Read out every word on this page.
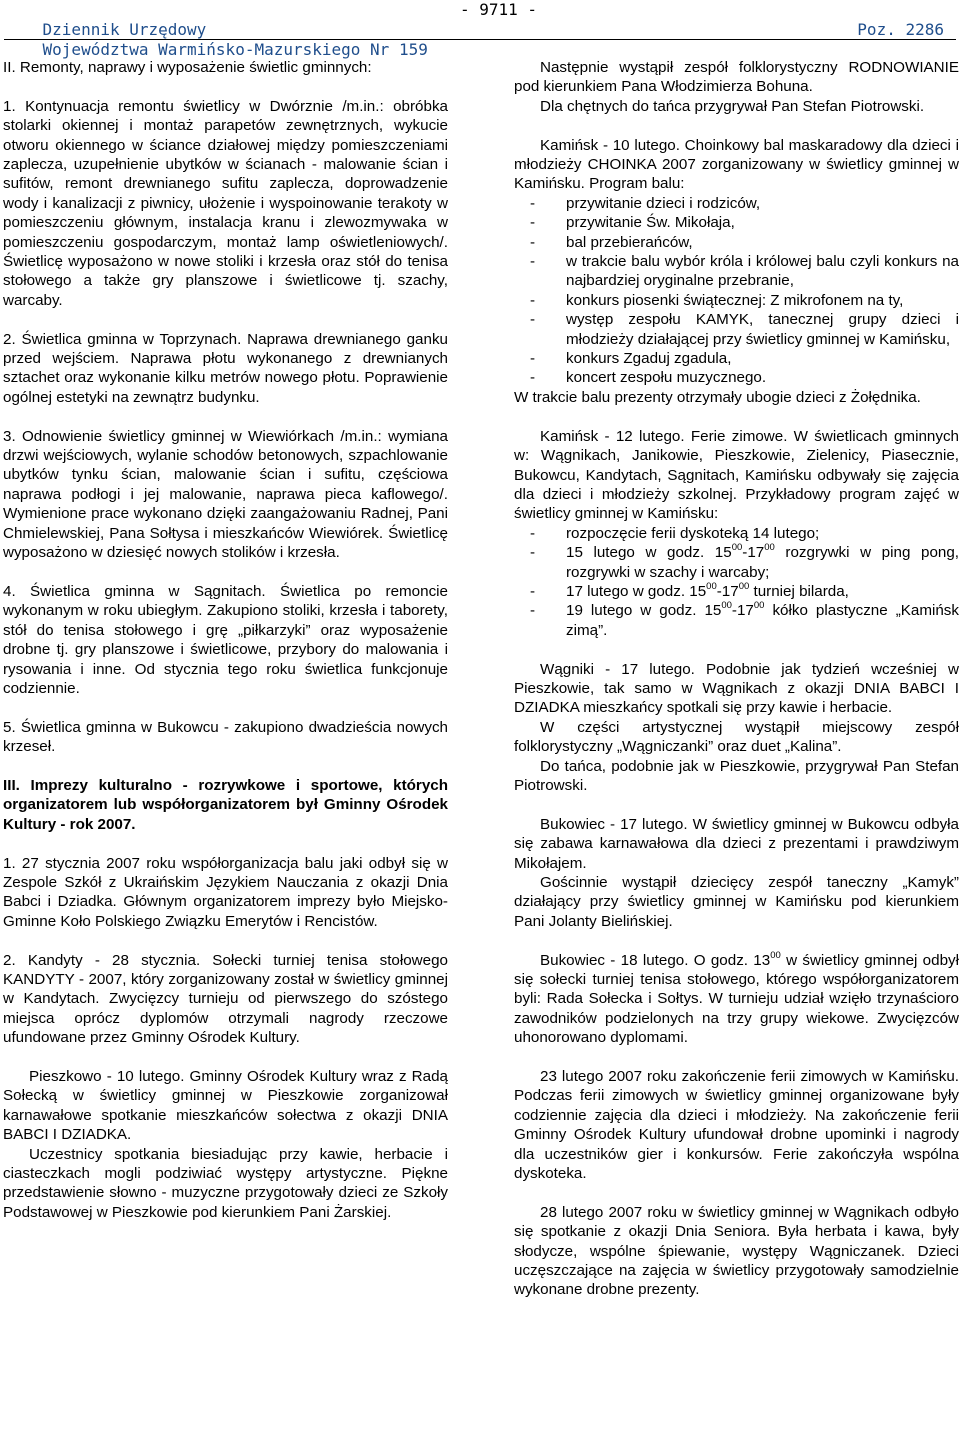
Dziennik Urzędowy

- 9711 -

Województwa Warmińsko-Mazurskiego Nr 159

Poz. 2286

II. Remonty, naprawy i wyposażenie świetlic gminnych:

1. Kontynuacja remontu świetlicy w Dwórznie /m.in.: obróbka stolarki okiennej i montaż parapetów zewnętrznych, wykucie otworu okiennego w ściance działowej między pomieszczeniami zaplecza, uzupełnienie ubytków w ścianach - malowanie ścian i sufitów, remont drewnianego sufitu zaplecza, doprowadzenie wody i kanalizacji z piwnicy, ułożenie i wyspoinowanie terakoty w pomieszczeniu głównym, instalacja kranu i zlewozmywaka w pomieszczeniu gospodarczym, montaż lamp oświetleniowych/. Świetlicę wyposażono w nowe stoliki i krzesła oraz stół do tenisa stołowego a także gry planszowe i świetlicowe tj. szachy, warcaby.

2. Świetlica gminna w Toprzynach. Naprawa drewnianego ganku przed wejściem. Naprawa płotu wykonanego z drewnianych sztachet oraz wykonanie kilku metrów nowego płotu. Poprawienie ogólnej estetyki na zewnątrz budynku.

3. Odnowienie świetlicy gminnej w Wiewiórkach /m.in.: wymiana drzwi wejściowych, wylanie schodów betonowych, szpachlowanie ubytków tynku ścian, malowanie ścian i sufitu, częściowa naprawa podłogi i jej malowanie, naprawa pieca kaflowego/. Wymienione prace wykonano dzięki zaangażowaniu Radnej, Pani Chmielewskiej, Pana Sołtysa i mieszkańców Wiewiórek. Świetlicę wyposażono w dziesięć nowych stolików i krzesła.

4. Świetlica gminna w Sągnitach. Świetlica po remoncie wykonanym w roku ubiegłym. Zakupiono stoliki, krzesła i taborety, stół do tenisa stołowego i grę „piłkarzyki” oraz wyposażenie drobne tj. gry planszowe i świetlicowe, przybory do malowania i rysowania i inne. Od stycznia tego roku świetlica funkcjonuje codziennie.

5. Świetlica gminna w Bukowcu - zakupiono dwadzieścia nowych krzeseł.

III. Imprezy kulturalno - rozrywkowe i sportowe, których organizatorem lub współorganizatorem był Gminny Ośrodek Kultury - rok 2007.

1. 27 stycznia 2007 roku współorganizacja balu jaki odbył się w Zespole Szkół z Ukraińskim Językiem Nauczania z okazji Dnia Babci i Dziadka. Głównym organizatorem imprezy było Miejsko-Gminne Koło Polskiego Związku Emerytów i Rencistów.

2. Kandyty - 28 stycznia. Sołecki turniej tenisa stołowego KANDYTY - 2007, który zorganizowany został w świetlicy gminnej w Kandytach. Zwycięzcy turnieju od pierwszego do szóstego miejsca oprócz dyplomów otrzymali nagrody rzeczowe ufundowane przez Gminny Ośrodek Kultury.

Pieszkowo - 10 lutego. Gminny Ośrodek Kultury wraz z Radą Sołecką w świetlicy gminnej w Pieszkowie zorganizował karnawałowe spotkanie mieszkańców sołectwa z okazji DNIA BABCI I DZIADKA.

Uczestnicy spotkania biesiadując przy kawie, herbacie i ciasteczkach mogli podziwiać występy artystyczne. Piękne przedstawienie słowno - muzyczne przygotowały dzieci ze Szkoły Podstawowej w Pieszkowie pod kierunkiem Pani Żarskiej.

Następnie wystąpił zespół folklorystyczny RODNOWIANIE pod kierunkiem Pana Włodzimierza Bohuna.

Dla chętnych do tańca przygrywał Pan Stefan Piotrowski.

Kamińsk - 10 lutego. Choinkowy bal maskaradowy dla dzieci i młodzieży CHOINKA 2007 zorganizowany w świetlicy gminnej w Kamińsku. Program balu:

- przywitanie dzieci i rodziców,
- przywitanie Św. Mikołaja,
- bal przebierańców,
- w trakcie balu wybór króla i królowej balu czyli konkurs na najbardziej oryginalne przebranie,
- konkurs piosenki świątecznej: Z mikrofonem na ty,
- występ zespołu KAMYK, tanecznej grupy dzieci i młodzieży działającej przy świetlicy gminnej w Kamińsku,
- konkurs Zgaduj zgadula,
- koncert zespołu muzycznego.

W trakcie balu prezenty otrzymały ubogie dzieci z Żołędnika.

Kamińsk - 12 lutego. Ferie zimowe. W świetlicach gminnych w: Wągnikach, Janikowie, Pieszkowie, Zielenicy, Piasecznie, Bukowcu, Kandytach, Sągnitach, Kamińsku odbywały się zajęcia dla dzieci i młodzieży szkolnej. Przykładowy program zajęć w świetlicy gminnej w Kamińsku:

- rozpoczęcie ferii dyskoteką 14 lutego;
- 15 lutego w godz. $15^{00}-17^{00}$ rozgrywki w ping pong, rozgrywki w szachy i warcaby;
- 17 lutego w godz. $15^{00}-17^{00}$ turniej bilarda,
- 19 lutego w godz. $15^{00}-17^{00}$ kółko plastyczne „Kamińsk zimą”.

Wągniki - 17 lutego. Podobnie jak tydzień wcześniej w Pieszkowie, tak samo w Wągnikach z okazji DNIA BABCI I DZIADKA mieszkańcy spotkali się przy kawie i herbacie.

W części artystycznej wystąpił miejscowy zespół folklorystyczny „Wągniczanki” oraz duet „Kalina”.

Do tańca, podobnie jak w Pieszkowie, przygrywał Pan Stefan Piotrowski.

Bukowiec - 17 lutego. W świetlicy gminnej w Bukowcu odbyła się zabawa karnawałowa dla dzieci z prezentami i prawdziwym Mikołajem.

Gościnnie wystąpił dziecięcy zespół taneczny „Kamyk” działający przy świetlicy gminnej w Kamińsku pod kierunkiem Pani Jolanty Bielińskiej.

Bukowiec - 18 lutego. O godz. $13^{00}$ w świetlicy gminnej odbył się sołecki turniej tenisa stołowego, którego współorganizatorem byli: Rada Sołecka i Sołtys. W turnieju udział wzięło trzynaścioro zawodników podzielonych na trzy grupy wiekowe. Zwycięzców uhonorowano dyplomami.

23 lutego 2007 roku zakończenie ferii zimowych w Kamińsku. Podczas ferii zimowych w świetlicy gminnej organizowane były codziennie zajęcia dla dzieci i młodzieży. Na zakończenie ferii Gminny Ośrodek Kultury ufundował drobne upominki i nagrody dla uczestników gier i konkursów. Ferie zakończyła wspólna dyskoteka.

28 lutego 2007 roku w świetlicy gminnej w Wągnikach odbyło się spotkanie z okazji Dnia Seniora. Była herbata i kawa, były słodycze, wspólne śpiewanie, występy Wągniczanek. Dzieci uczęszczające na zajęcia w świetlicy przygotowały samodzielnie wykonane drobne prezenty.
